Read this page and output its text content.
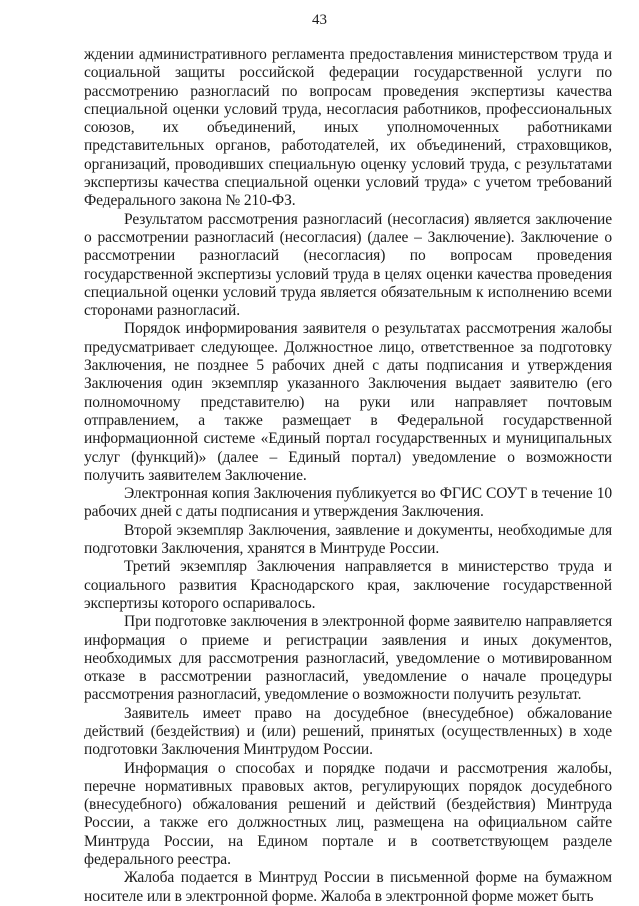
43

ждении административного регламента предоставления министерством труда и социальной защиты российской федерации государственной услуги по рассмотрению разногласий по вопросам проведения экспертизы качества специальной оценки условий труда, несогласия работников, профессиональных союзов, их объединений, иных уполномоченных работниками представительных органов, работодателей, их объединений, страховщиков, организаций, проводивших специальную оценку условий труда, с результатами экспертизы качества специальной оценки условий труда» с учетом требований Федерального закона № 210-ФЗ.

Результатом рассмотрения разногласий (несогласия) является заключение о рассмотрении разногласий (несогласия) (далее – Заключение). Заключение о рассмотрении разногласий (несогласия) по вопросам проведения государственной экспертизы условий труда в целях оценки качества проведения специальной оценки условий труда является обязательным к исполнению всеми сторонами разногласий.

Порядок информирования заявителя о результатах рассмотрения жалобы предусматривает следующее. Должностное лицо, ответственное за подготовку Заключения, не позднее 5 рабочих дней с даты подписания и утверждения Заключения один экземпляр указанного Заключения выдает заявителю (его полномочному представителю) на руки или направляет почтовым отправлением, а также размещает в Федеральной государственной информационной системе «Единый портал государственных и муниципальных услуг (функций)» (далее – Единый портал) уведомление о возможности получить заявителем Заключение.

Электронная копия Заключения публикуется во ФГИС СОУТ в течение 10 рабочих дней с даты подписания и утверждения Заключения.

Второй экземпляр Заключения, заявление и документы, необходимые для подготовки Заключения, хранятся в Минтруде России.

Третий экземпляр Заключения направляется в министерство труда и социального развития Краснодарского края, заключение государственной экспертизы которого оспаривалось.

При подготовке заключения в электронной форме заявителю направляется информация о приеме и регистрации заявления и иных документов, необходимых для рассмотрения разногласий, уведомление о мотивированном отказе в рассмотрении разногласий, уведомление о начале процедуры рассмотрения разногласий, уведомление о возможности получить результат.

Заявитель имеет право на досудебное (внесудебное) обжалование действий (бездействия) и (или) решений, принятых (осуществленных) в ходе подготовки Заключения Минтрудом России.

Информация о способах и порядке подачи и рассмотрения жалобы, перечне нормативных правовых актов, регулирующих порядок досудебного (внесудебного) обжалования решений и действий (бездействия) Минтруда России, а также его должностных лиц, размещена на официальном сайте Минтруда России, на Едином портале и в соответствующем разделе федерального реестра.

Жалоба подается в Минтруд России в письменной форме на бумажном носителе или в электронной форме. Жалоба в электронной форме может быть
